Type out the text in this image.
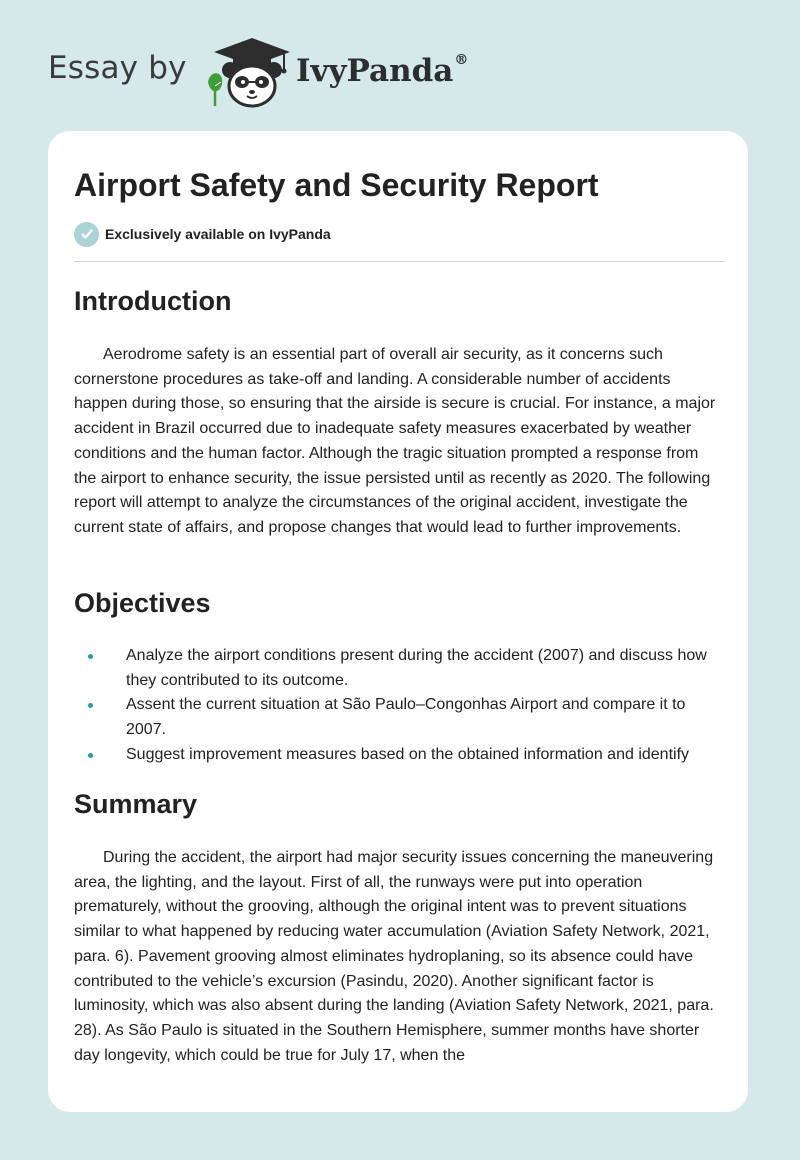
Essay by	IvyPanda®
Airport Safety and Security Report
Exclusively available on IvyPanda
Introduction

Aerodrome safety is an essential part of overall air security, as it concerns such cornerstone procedures as take-off and landing. A considerable number of accidents happen during those, so ensuring that the airside is secure is crucial. For instance, a major accident in Brazil occurred due to inadequate safety measures exacerbated by weather conditions and the human factor. Although the tragic situation prompted a response from the airport to enhance security, the issue persisted until as recently as 2020. The following report will attempt to analyze the circumstances of the original accident, investigate the current state of affairs, and propose changes that would lead to further improvements.

Objectives
Analyze the airport conditions present during the accident (2007) and discuss how they contributed to its outcome.
Assent the current situation at São Paulo–Congonhas Airport and compare it to 2007.
Suggest improvement measures based on the obtained information and identify
Summary

During the accident, the airport had major security issues concerning the maneuvering area, the lighting, and the layout. First of all, the runways were put into operation prematurely, without the grooving, although the original intent was to prevent situations similar to what happened by reducing water accumulation (Aviation Safety Network, 2021, para. 6). Pavement grooving almost eliminates hydroplaning, so its absence could have contributed to the vehicle’s excursion (Pasindu, 2020). Another significant factor is luminosity, which was also absent during the landing (Aviation Safety Network, 2021, para. 28). As São Paulo is situated in the Southern Hemisphere, summer months have shorter day longevity, which could be true for July 17, when the
